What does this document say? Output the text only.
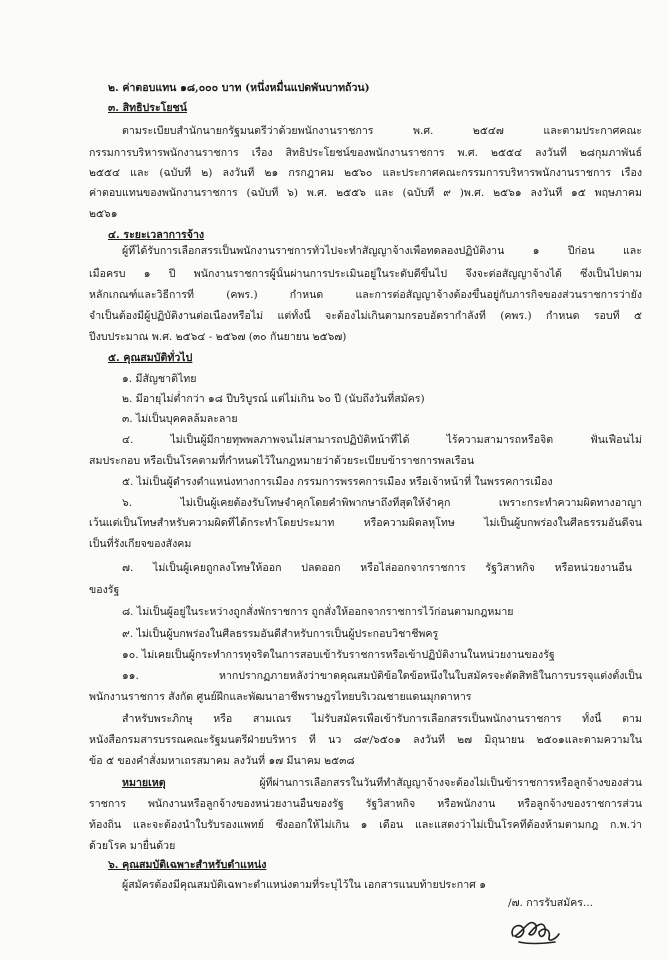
๒. ค่าตอบแทน ๑๘,๐๐๐ บาท (หนึ่งหมื่นแปดพันบาทถ้วน)
๓. สิทธิประโยชน์
ตามระเบียบสำนักนายกรัฐมนตรีว่าด้วยพนักงานราชการ พ.ศ. ๒๕๔๗ และตามประกาศคณะ
กรรมการบริหารพนักงานราชการ เรื่อง สิทธิประโยชน์ของพนักงานราชการ พ.ศ. ๒๕๕๔ ลงวันที่ ๒๘กุมภาพันธ์
๒๕๕๔ และ (ฉบับที่ ๒) ลงวันที่ ๒๑ กรกฎาคม ๒๕๖๐ และประกาศคณะกรรมการบริหารพนักงานราชการ เรื่อง
ค่าตอบแทนของพนักงานราชการ (ฉบับที่ ๖) พ.ศ. ๒๕๕๖ และ (ฉบับที่ ๙ )พ.ศ. ๒๕๖๑ ลงวันที่ ๑๕ พฤษภาคม
๒๕๖๑
๔. ระยะเวลาการจ้าง
ผู้ที่ได้รับการเลือกสรรเป็นพนักงานราชการทั่วไปจะทำสัญญาจ้างเพื่อทดลองปฏิบัติงาน ๑ ปีก่อน และ
เมื่อครบ ๑ ปี พนักงานราชการผู้นั้นผ่านการประเมินอยู่ในระดับดีขึ้นไป จึงจะต่อสัญญาจ้างได้ ซึ่งเป็นไปตาม
หลักเกณฑ์และวิธีการที่ (คพร.) กำหนด และการต่อสัญญาจ้างต้องขึ้นอยู่กับภารกิจของส่วนราชการว่ายัง
จำเป็นต้องมีผู้ปฏิบัติงานต่อเนื่องหรือไม่ แต่ทั้งนี้ จะต้องไม่เกินตามกรอบอัตรากำลังที่ (คพร.) กำหนด รอบที่ ๕
ปีงบประมาณ พ.ศ. ๒๕๖๔ - ๒๕๖๗ (๓๐ กันยายน ๒๕๖๗)
๕. คุณสมบัติทั่วไป
๑. มีสัญชาติไทย
๒. มีอายุไม่ต่ำกว่า ๑๘ ปีบริบูรณ์ แต่ไม่เกิน ๖๐ ปี (นับถึงวันที่สมัคร)
๓. ไม่เป็นบุคคลล้มละลาย
๔. ไม่เป็นผู้มีกายทุพพลภาพจนไม่สามารถปฏิบัติหน้าที่ได้ ไร้ความสามารถหรือจิต ฟั่นเฟือนไม่
สมประกอบ หรือเป็นโรคตามที่กำหนดไว้ในกฎหมายว่าด้วยระเบียบข้าราชการพลเรือน
๕. ไม่เป็นผู้ดำรงตำแหน่งทางการเมือง กรรมการพรรคการเมือง หรือเจ้าหน้าที่ ในพรรคการเมือง
๖. ไม่เป็นผู้เคยต้องรับโทษจำคุกโดยคำพิพากษาถึงที่สุดให้จำคุก เพราะกระทำความผิดทางอาญา
เว้นแต่เป็นโทษสำหรับความผิดที่ได้กระทำโดยประมาท หรือความผิดลหุโทษ ไม่เป็นผู้บกพร่องในศีลธรรมอันดีจน
เป็นที่รังเกียจของสังคม
๗. ไม่เป็นผู้เคยถูกลงโทษให้ออก ปลดออก หรือไล่ออกจากราชการ รัฐวิสาหกิจ หรือหน่วยงานอื่น
ของรัฐ
๘. ไม่เป็นผู้อยู่ในระหว่างถูกสั่งพักราชการ ถูกสั่งให้ออกจากราชการไว้ก่อนตามกฎหมาย
๙. ไม่เป็นผู้บกพร่องในศีลธรรมอันดีสำหรับการเป็นผู้ประกอบวิชาชีพครู
๑๐. ไม่เคยเป็นผู้กระทำการทุจริตในการสอบเข้ารับราชการหรือเข้าปฏิบัติงานในหน่วยงานของรัฐ
๑๑. หากปรากฏภายหลังว่าขาดคุณสมบัติข้อใดข้อหนึ่งในใบสมัครจะตัดสิทธิในการบรรจุแต่งตั้งเป็น
พนักงานราชการ สังกัด ศูนย์ฝึกและพัฒนาอาชีพราษฎรไทยบริเวณชายแดนมุกดาหาร
สำหรับพระภิกษุ หรือ สามเณร ไม่รับสมัครเพื่อเข้ารับการเลือกสรรเป็นพนักงานราชการ ทั้งนี้ ตาม
หนังสือกรมสารบรรณคณะรัฐมนตรีฝ่ายบริหาร ที่ นว ๘๙/๖๕๐๑ ลงวันที่ ๒๗ มิถุนายน ๒๕๐๑และตามความใน
ข้อ ๕ ของคำสั่งมหาเถรสมาคม ลงวันที่ ๑๗ มีนาคม ๒๕๓๘
หมายเหตุ ผู้ที่ผ่านการเลือกสรรในวันที่ทำสัญญาจ้างจะต้องไม่เป็นข้าราชการหรือลูกจ้างของส่วน
ราชการ พนักงานหรือลูกจ้างของหน่วยงานอื่นของรัฐ รัฐวิสาหกิจ หรือพนักงาน หรือลูกจ้างของราชการส่วน
ท้องถิ่น และจะต้องนำใบรับรองแพทย์ ซึ่งออกให้ไม่เกิน ๑ เดือน และแสดงว่าไม่เป็นโรคที่ต้องห้ามตามกฎ ก.พ.ว่า
ด้วยโรค มายื่นด้วย
๖. คุณสมบัติเฉพาะสำหรับตำแหน่ง
ผู้สมัครต้องมีคุณสมบัติเฉพาะตำแหน่งตามที่ระบุไว้ใน เอกสารแนบท้ายประกาศ ๑
/๗. การรับสมัคร...
